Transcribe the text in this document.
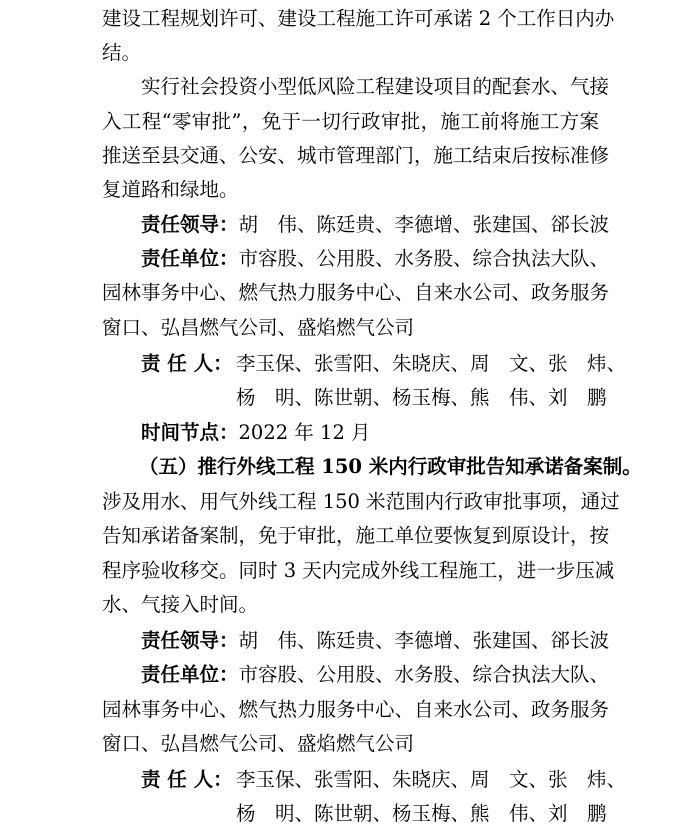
建设工程规划许可、建设工程施工许可承诺 2 个工作日内办
结。
实行社会投资小型低风险工程建设项目的配套水、气接
入工程“零审批”，免于一切行政审批，施工前将施工方案
推送至县交通、公安、城市管理部门，施工结束后按标准修
复道路和绿地。
责任领导：胡　伟、陈廷贵、李德增、张建国、郤长波
责任单位：市容股、公用股、水务股、综合执法大队、
园林事务中心、燃气热力服务中心、自来水公司、政务服务
窗口、弘昌燃气公司、盛焰燃气公司
责 任 人： 李玉保、张雪阳、朱晓庆、周　文、张　炜、
杨　明、陈世朝、杨玉梅、熊　伟、刘　鹏
时间节点：2022 年 12 月
（五）推行外线工程 150 米内行政审批告知承诺备案制。
涉及用水、用气外线工程 150 米范围内行政审批事项，通过
告知承诺备案制，免于审批，施工单位要恢复到原设计，按
程序验收移交。同时 3 天内完成外线工程施工，进一步压减
水、气接入时间。
责任领导：胡　伟、陈廷贵、李德增、张建国、郤长波
责任单位：市容股、公用股、水务股、综合执法大队、
园林事务中心、燃气热力服务中心、自来水公司、政务服务
窗口、弘昌燃气公司、盛焰燃气公司
责 任 人： 李玉保、张雪阳、朱晓庆、周　文、张　炜、
杨　明、陈世朝、杨玉梅、熊　伟、刘　鹏
